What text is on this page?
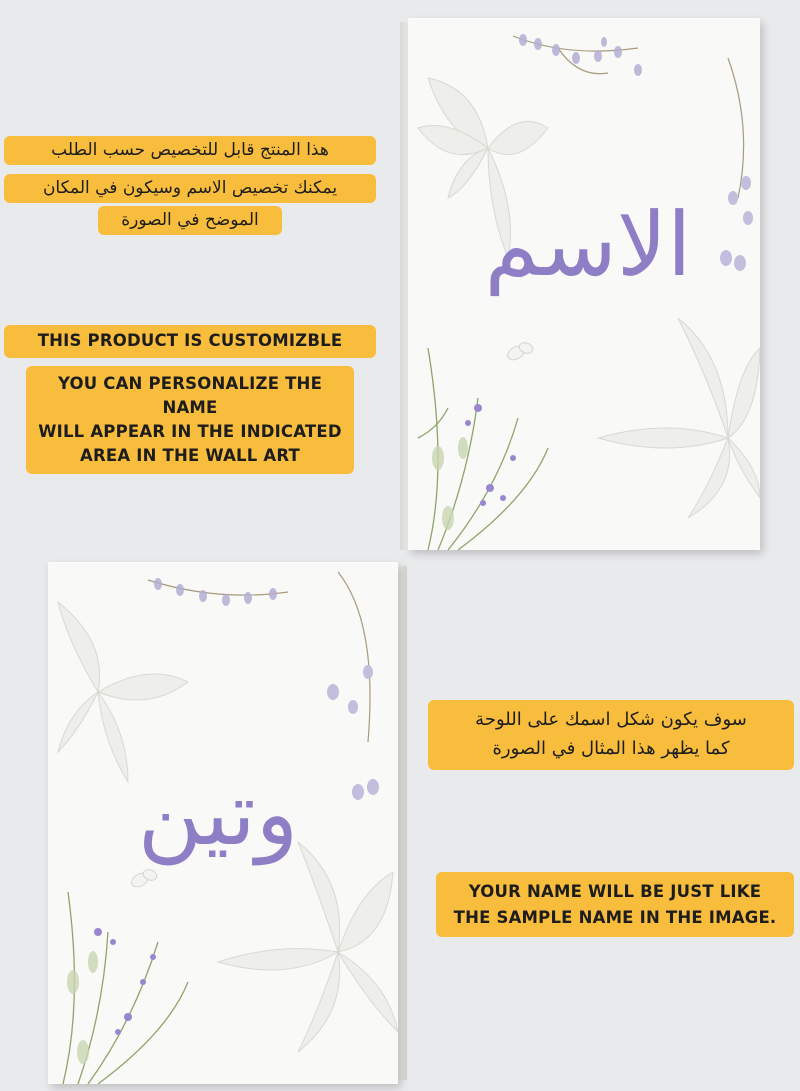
الاسم
وتين
هذا المنتج قابل للتخصيص حسب الطلب
يمكنك تخصيص الاسم وسيكون في المكان
الموضح في الصورة
THIS PRODUCT IS CUSTOMIZBLE
YOU CAN PERSONALIZE THE NAME
WILL APPEAR IN THE INDICATED
AREA IN THE WALL ART
سوف يكون شكل اسمك على اللوحة
كما يظهر هذا المثال في الصورة
YOUR NAME WILL BE JUST LIKE
THE SAMPLE NAME IN THE IMAGE.
